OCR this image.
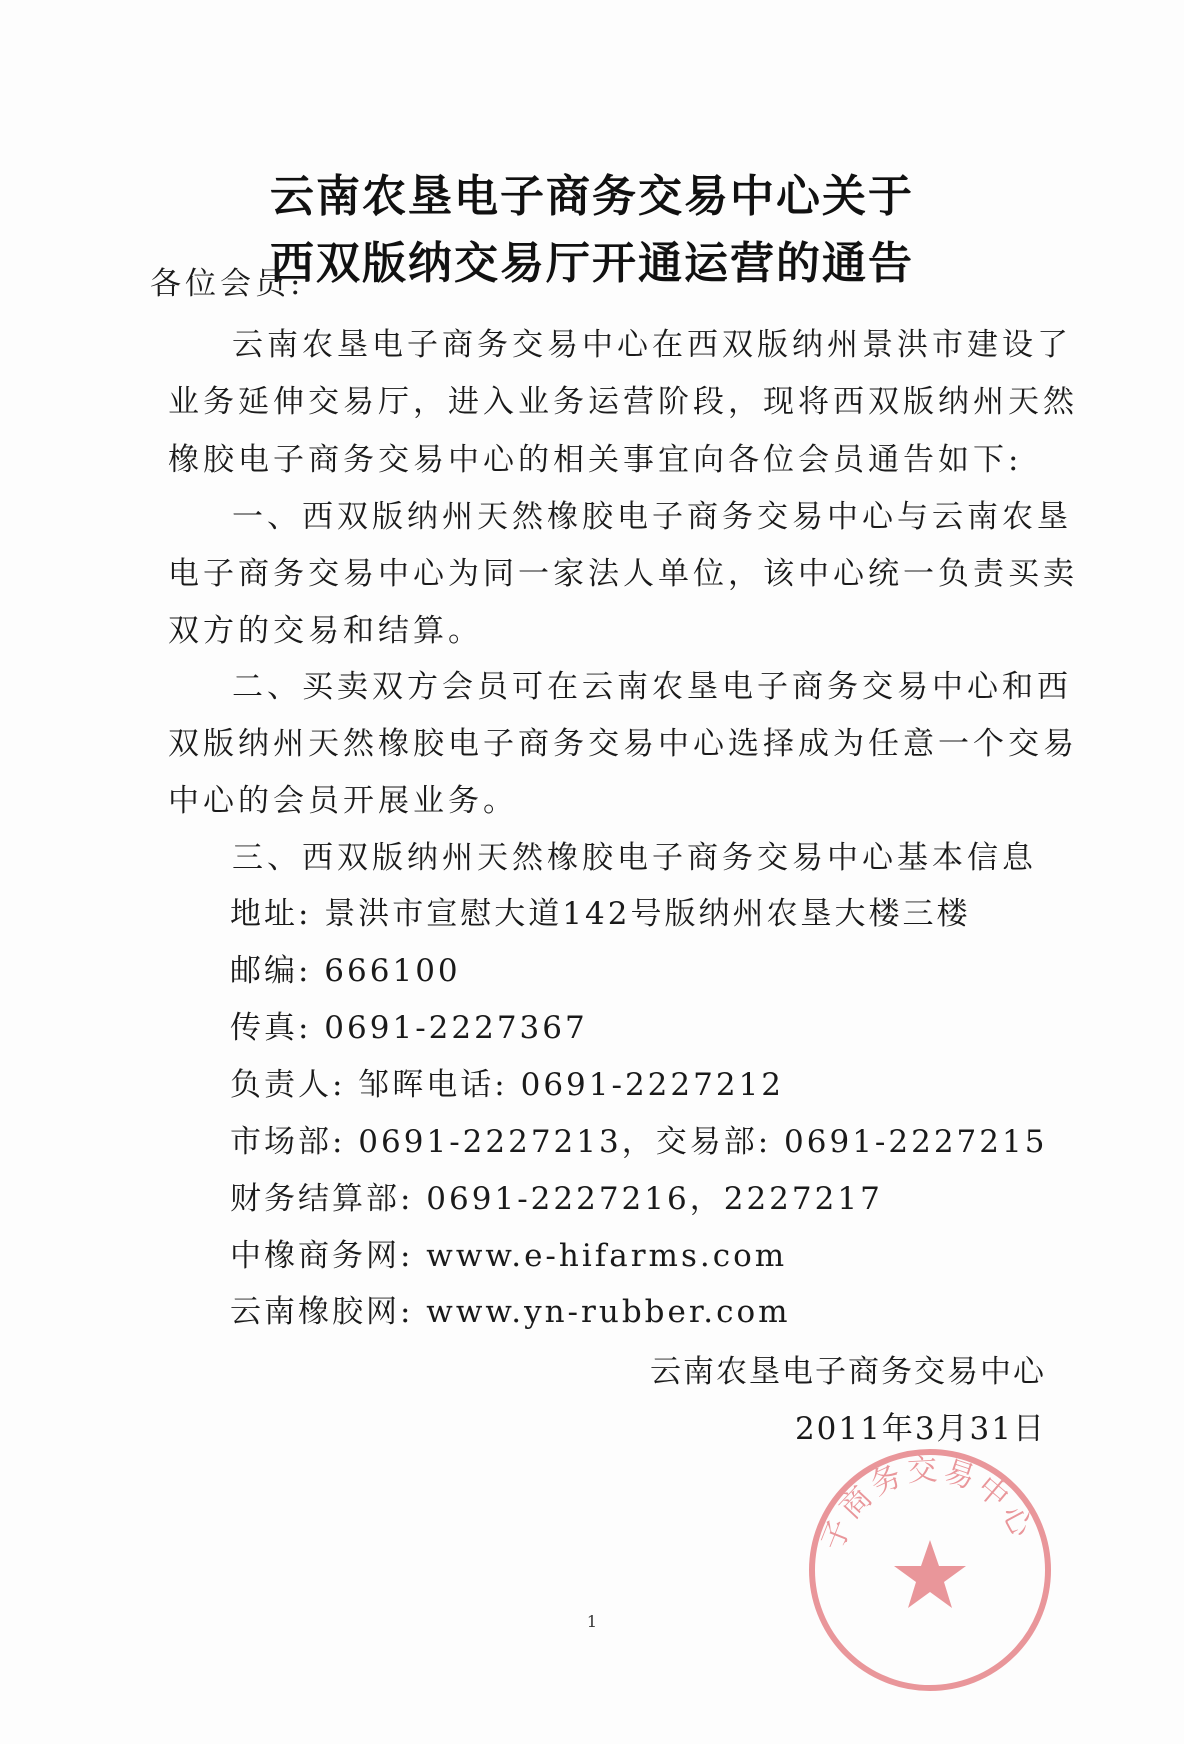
云南农垦电子商务交易中心关于
西双版纳交易厅开通运营的通告
各位会员:
云南农垦电子商务交易中心在西双版纳州景洪市建设了
业务延伸交易厅，进入业务运营阶段，现将西双版纳州天然
橡胶电子商务交易中心的相关事宜向各位会员通告如下:
一、西双版纳州天然橡胶电子商务交易中心与云南农垦
电子商务交易中心为同一家法人单位，该中心统一负责买卖
双方的交易和结算。
二、买卖双方会员可在云南农垦电子商务交易中心和西
双版纳州天然橡胶电子商务交易中心选择成为任意一个交易
中心的会员开展业务。
三、西双版纳州天然橡胶电子商务交易中心基本信息
地址: 景洪市宣慰大道142号版纳州农垦大楼三楼
邮编: 666100
传真: 0691-2227367
负责人: 邹晖电话: 0691-2227212
市场部: 0691-2227213，交易部: 0691-2227215
财务结算部: 0691-2227216，2227217
中橡商务网: www.e-hifarms.com
云南橡胶网: www.yn-rubber.com
子商务交易中心
云南农垦电子商务交易中心
2011年3月31日
1
